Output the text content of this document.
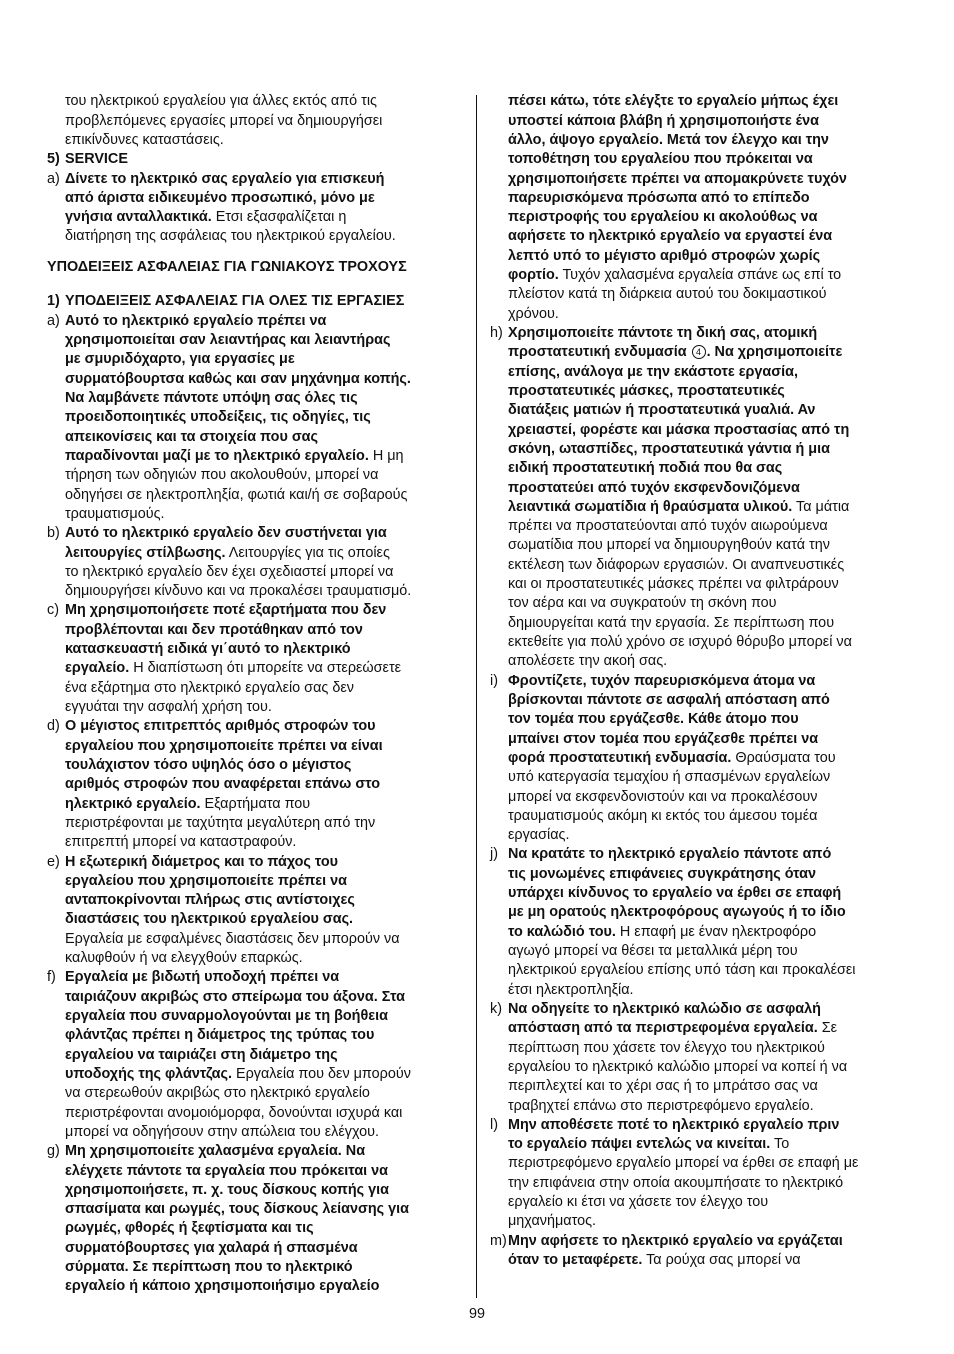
του ηλεκτρικού εργαλείου για άλλες εκτός από τις
προβλεπόμενες εργασίες μπορεί να δημιουργήσει
επικίνδυνες καταστάσεις.
5) SERVICE
a) Δίνετε το ηλεκτρικό σας εργαλείο για επισκευή
από άριστα ειδικευμένο προσωπικό, μόνο με
γνήσια ανταλλακτικά. Ετσι εξασφαλίζεται η
διατήρηση της ασφάλειας του ηλεκτρικού εργαλείου.
ΥΠΟΔΕΙΞΕΙΣ ΑΣΦΑΛΕΙΑΣ ΓΙΑ ΓΩΝΙΑΚΟΥΣ ΤΡΟΧΟΥΣ
1) ΥΠΟΔΕΙΞΕΙΣ ΑΣΦΑΛΕΙΑΣ ΓΙΑ ΟΛΕΣ ΤΙΣ ΕΡΓΑΣΙΕΣ
a) Αυτό το ηλεκτρικό εργαλείο πρέπει να
χρησιμοποιείται σαν λειαντήρας και λειαντήρας
με σμυριδόχαρτο, για εργασίες με
συρματόβουρτσα καθώς και σαν μηχάνημα κοπής.
Να λαμβάνετε πάντοτε υπόψη σας όλες τις
προειδοποιητικές υποδείξεις, τις οδηγίες, τις
απεικονίσεις και τα στοιχεία που σας
παραδίνονται μαζί με το ηλεκτρικό εργαλείο. Η μη
τήρηση των οδηγιών που ακολουθούν, μπορεί να
οδηγήσει σε ηλεκτροπληξία, φωτιά και/ή σε σοβαρούς
τραυματισμούς.
b) Αυτό το ηλεκτρικό εργαλείο δεν συστήνεται για
λειτουργίες στίλβωσης. Λειτουργίες για τις οποίες
το ηλεκτρικό εργαλείο δεν έχει σχεδιαστεί μπορεί να
δημιουργήσει κίνδυνο και να προκαλέσει τραυματισμό.
c) Μη χρησιμοποιήσετε ποτέ εξαρτήματα που δεν
προβλέπονται και δεν προτάθηκαν από τον
κατασκευαστή ειδικά γι΄αυτό το ηλεκτρικό
εργαλείο. Η διαπίστωση ότι μπορείτε να στερεώσετε
ένα εξάρτημα στο ηλεκτρικό εργαλείο σας δεν
εγγυάται την ασφαλή χρήση του.
d) Ο μέγιστος επιτρεπτός αριθμός στροφών του
εργαλείου που χρησιμοποιείτε πρέπει να είναι
τουλάχιστον τόσο υψηλός όσο ο μέγιστος
αριθμός στροφών που αναφέρεται επάνω στο
ηλεκτρικό εργαλείο. Εξαρτήματα που
περιστρέφονται με ταχύτητα μεγαλύτερη από την
επιτρεπτή μπορεί να καταστραφούν.
e) Η εξωτερική διάμετρος και το πάχος του
εργαλείου που χρησιμοποιείτε πρέπει να
ανταποκρίνονται πλήρως στις αντίστοιχες
διαστάσεις του ηλεκτρικού εργαλείου σας.
Εργαλεία με εσφαλμένες διαστάσεις δεν μπορούν να
καλυφθούν ή να ελεγχθούν επαρκώς.
f) Εργαλεία με βιδωτή υποδοχή πρέπει να
ταιριάζουν ακριβώς στο σπείρωμα του άξονα. Στα
εργαλεία που συναρμολογούνται με τη βοήθεια
φλάντζας πρέπει η διάμετρος της τρύπας του
εργαλείου να ταιριάζει στη διάμετρο της
υποδοχής της φλάντζας. Εργαλεία που δεν μπορούν
να στερεωθούν ακριβώς στο ηλεκτρικό εργαλείο
περιστρέφονται ανομοιόμορφα, δονούνται ισχυρά και
μπορεί να οδηγήσουν στην απώλεια του ελέγχου.
g) Μη χρησιμοποιείτε χαλασμένα εργαλεία. Να
ελέγχετε πάντοτε τα εργαλεία που πρόκειται να
χρησιμοποιήσετε, π. χ. τους δίσκους κοπής για
σπασίματα και ρωγμές, τους δίσκους λείανσης για
ρωγμές, φθορές ή ξεφτίσματα και τις
συρματόβουρτσες για χαλαρά ή σπασμένα
σύρματα. Σε περίπτωση που το ηλεκτρικό
εργαλείο ή κάποιο χρησιμοποιήσιμο εργαλείο
πέσει κάτω, τότε ελέγξτε το εργαλείο μήπως έχει
υποστεί κάποια βλάβη ή χρησιμοποιήστε ένα
άλλο, άψογο εργαλείο. Μετά τον έλεγχο και την
τοποθέτηση του εργαλείου που πρόκειται να
χρησιμοποιήσετε πρέπει να απομακρύνετε τυχόν
παρευρισκόμενα πρόσωπα από το επίπεδο
περιστροφής του εργαλείου κι ακολούθως να
αφήσετε το ηλεκτρικό εργαλείο να εργαστεί ένα
λεπτό υπό το μέγιστο αριθμό στροφών χωρίς
φορτίο. Τυχόν χαλασμένα εργαλεία σπάνε ως επί το
πλείστον κατά τη διάρκεια αυτού του δοκιμαστικού
χρόνου.
h) Χρησιμοποιείτε πάντοτε τη δική σας, ατομική
προστατευτική ενδυμασία 4 . Να χρησιμοποιείτε
επίσης, ανάλογα με την εκάστοτε εργασία,
προστατευτικές μάσκες, προστατευτικές
διατάξεις ματιών ή προστατευτικά γυαλιά. Αν
χρειαστεί, φορέστε και μάσκα προστασίας από τη
σκόνη, ωτασπίδες, προστατευτικά γάντια ή μια
ειδική προστατευτική ποδιά που θα σας
προστατεύει από τυχόν εκσφενδονιζόμενα
λειαντικά σωματίδια ή θραύσματα υλικού. Τα μάτια
πρέπει να προστατεύονται από τυχόν αιωρούμενα
σωματίδια που μπορεί να δημιουργηθούν κατά την
εκτέλεση των διάφορων εργασιών. Οι αναπνευστικές
και οι προστατευτικές μάσκες πρέπει να φιλτράρουν
τον αέρα και να συγκρατούν τη σκόνη που
δημιουργείται κατά την εργασία. Σε περίπτωση που
εκτεθείτε για πολύ χρόνο σε ισχυρό θόρυβο μπορεί να
απολέσετε την ακοή σας.
i) Φροντίζετε, τυχόν παρευρισκόμενα άτομα να
βρίσκονται πάντοτε σε ασφαλή απόσταση από
τον τομέα που εργάζεσθε. Κάθε άτομο που
μπαίνει στον τομέα που εργάζεσθε πρέπει να
φορά προστατευτική ενδυμασία. Θραύσματα του
υπό κατεργασία τεμαχίου ή σπασμένων εργαλείων
μπορεί να εκσφενδονιστούν και να προκαλέσουν
τραυματισμούς ακόμη κι εκτός του άμεσου τομέα
εργασίας.
j) Να κρατάτε το ηλεκτρικό εργαλείο πάντοτε από
τις μονωμένες επιφάνειες συγκράτησης όταν
υπάρχει κίνδυνος το εργαλείο να έρθει σε επαφή
με μη ορατούς ηλεκτροφόρους αγωγούς ή το ίδιο
το καλώδιό του. Η επαφή με έναν ηλεκτροφόρο
αγωγό μπορεί να θέσει τα μεταλλικά μέρη του
ηλεκτρικού εργαλείου επίσης υπό τάση και προκαλέσει
έτσι ηλεκτροπληξία.
k) Να οδηγείτε το ηλεκτρικό καλώδιο σε ασφαλή
απόσταση από τα περιστρεφομένα εργαλεία. Σε
περίπτωση που χάσετε τον έλεγχο του ηλεκτρικού
εργαλείου το ηλεκτρικό καλώδιο μπορεί να κοπεί ή να
περιπλεχτεί και το χέρι σας ή το μπράτσο σας να
τραβηχτεί επάνω στο περιστρεφόμενο εργαλείο.
l) Μην αποθέσετε ποτέ το ηλεκτρικό εργαλείο πριν
το εργαλείο πάψει εντελώς να κινείται. Το
περιστρεφόμενο εργαλείο μπορεί να έρθει σε επαφή με
την επιφάνεια στην οποία ακουμπήσατε το ηλεκτρικό
εργαλείο κι έτσι να χάσετε τον έλεγχο του
μηχανήματος.
m) Μην αφήσετε το ηλεκτρικό εργαλείο να εργάζεται
όταν το μεταφέρετε. Τα ρούχα σας μπορεί να
99
